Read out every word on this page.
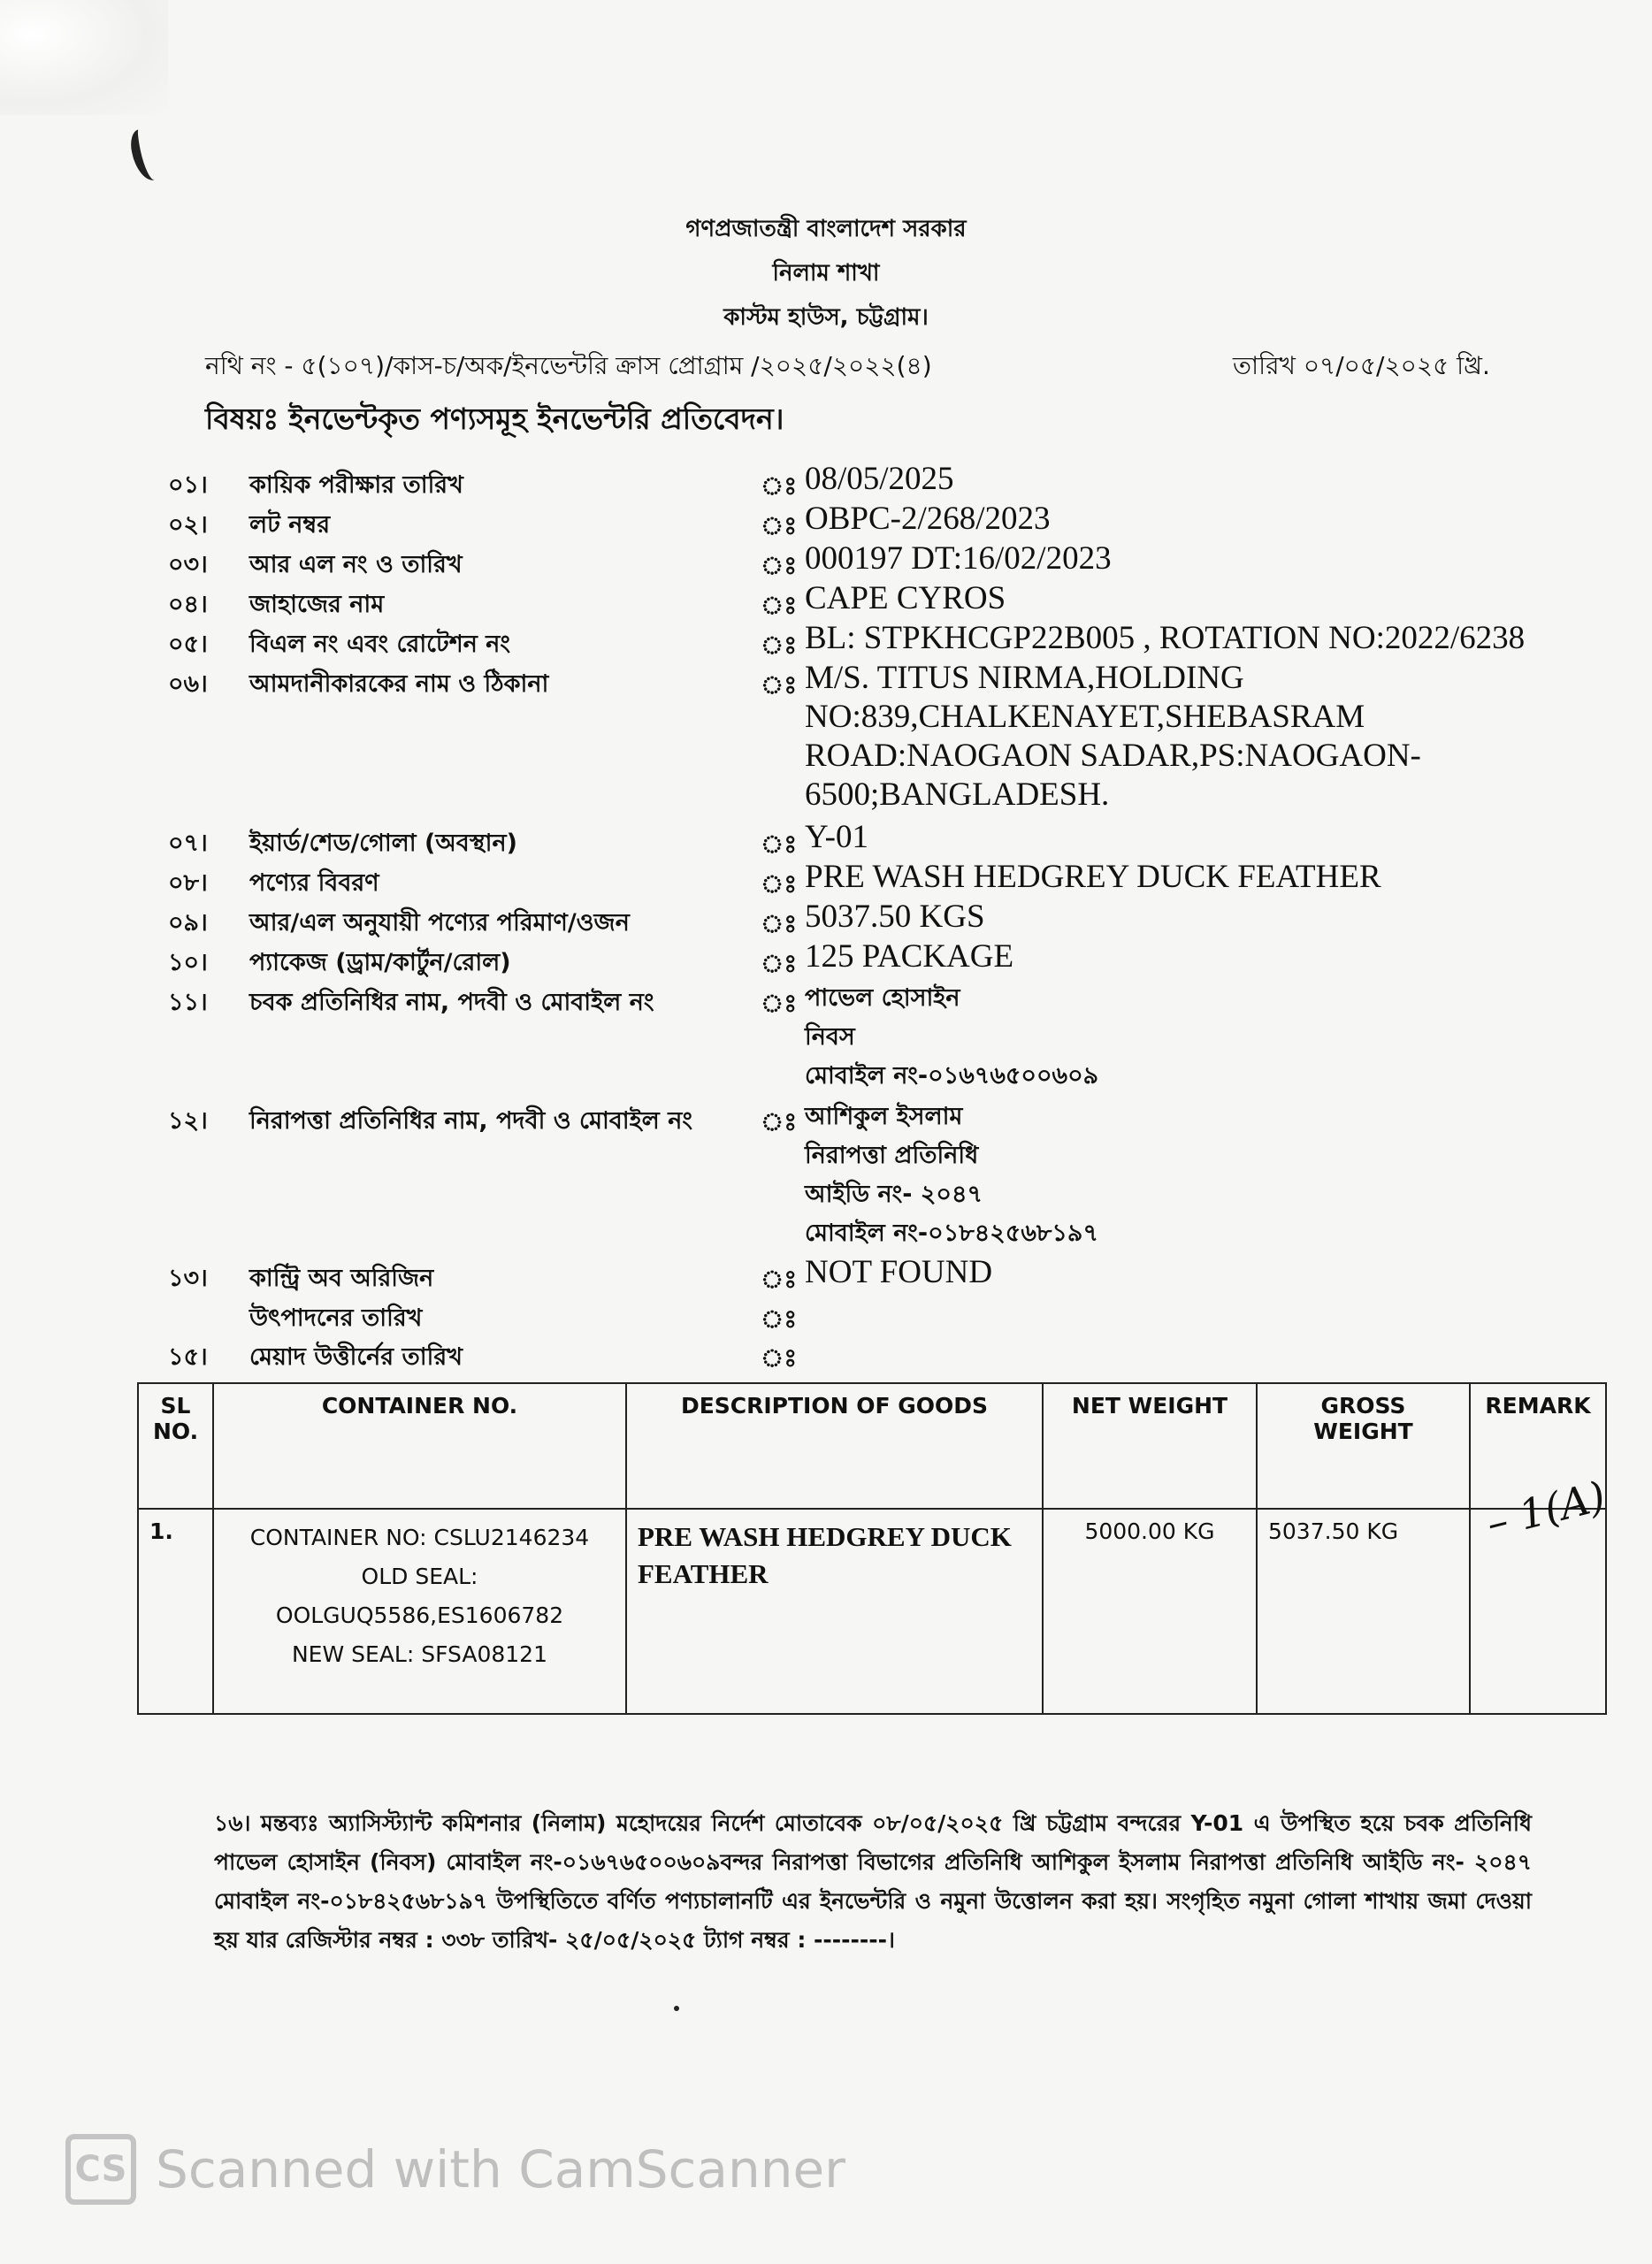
গণপ্রজাতন্ত্রী বাংলাদেশ সরকার
নিলাম শাখা
কাস্টম হাউস, চট্টগ্রাম।
নথি নং - ৫(১০৭)/কাস-চ/অক/ইনভেন্টরি ক্রাস প্রোগ্রাম /২০২৫/২০২২(৪)	তারিখ ০৭/০৫/২০২৫ খ্রি.
বিষয়ঃ ইনভেন্টকৃত পণ্যসমূহ ইনভেন্টরি প্রতিবেদন।
০১।	কায়িক পরীক্ষার তারিখ	ঃ 08/05/2025
০২।	লট নম্বর	ঃ OBPC-2/268/2023
০৩।	আর এল নং ও তারিখ	ঃ 000197 DT:16/02/2023
০৪।	জাহাজের নাম	ঃ CAPE CYROS
০৫।	বিএল নং এবং রোটেশন নং	ঃ BL: STPKHCGP22B005 , ROTATION NO:2022/6238
০৬।	আমদানীকারকের নাম ও ঠিকানা	ঃ M/S. TITUS NIRMA,HOLDING
NO:839,CHALKENAYET,SHEBASRAM
ROAD:NAOGAON SADAR,PS:NAOGAON-
6500;BANGLADESH.
০৭।	ইয়ার্ড/শেড/গোলা (অবস্থান)	ঃ Y-01
০৮।	পণ্যের বিবরণ	ঃ PRE WASH HEDGREY DUCK FEATHER
০৯।	আর/এল অনুযায়ী পণ্যের পরিমাণ/ওজন	ঃ 5037.50 KGS
১০।	প্যাকেজ (ড্রাম/কার্টুন/রোল)	ঃ 125 PACKAGE
১১।	চবক প্রতিনিধির নাম, পদবী ও মোবাইল নং	ঃ পাভেল হোসাইন
নিবস
মোবাইল নং-০১৬৭৬৫০০৬০৯
১২।	নিরাপত্তা প্রতিনিধির নাম, পদবী ও মোবাইল নং	ঃ আশিকুল ইসলাম
নিরাপত্তা প্রতিনিধি
আইডি নং- ২০৪৭
মোবাইল নং-০১৮৪২৫৬৮১৯৭
১৩।	কান্ট্রি অব অরিজিন	ঃ NOT FOUND
উৎপাদনের তারিখ	ঃ
১৫।	মেয়াদ উত্তীর্নের তারিখ	ঃ
SL NO.	CONTAINER NO.	DESCRIPTION OF GOODS	NET WEIGHT	GROSS WEIGHT	REMARK
1.	CONTAINER NO: CSLU2146234
OLD SEAL:
OOLGUQ5586,ES1606782
NEW SEAL: SFSA08121	PRE WASH HEDGREY DUCK FEATHER	5000.00 KG	5037.50 KG	– 1(A)
১৬। মন্তব্যঃ অ্যাসিস্ট্যান্ট কমিশনার (নিলাম) মহোদয়ের নির্দেশ মোতাবেক ০৮/০৫/২০২৫ খ্রি চট্টগ্রাম বন্দরের Y-01 এ উপস্থিত হয়ে চবক প্রতিনিধি পাভেল হোসাইন (নিবস) মোবাইল নং-০১৬৭৬৫০০৬০৯বন্দর নিরাপত্তা বিভাগের প্রতিনিধি আশিকুল ইসলাম নিরাপত্তা প্রতিনিধি আইডি নং- ২০৪৭ মোবাইল নং-০১৮৪২৫৬৮১৯৭ উপস্থিতিতে বর্ণিত পণ্যচালানটি এর ইনভেন্টরি ও নমুনা উত্তোলন করা হয়। সংগৃহিত নমুনা গোলা শাখায় জমা দেওয়া হয় যার রেজিস্টার নম্বর : ৩৩৮ তারিখ- ২৫/০৫/২০২৫ ট্যাগ নম্বর : --------।
CS Scanned with CamScanner
